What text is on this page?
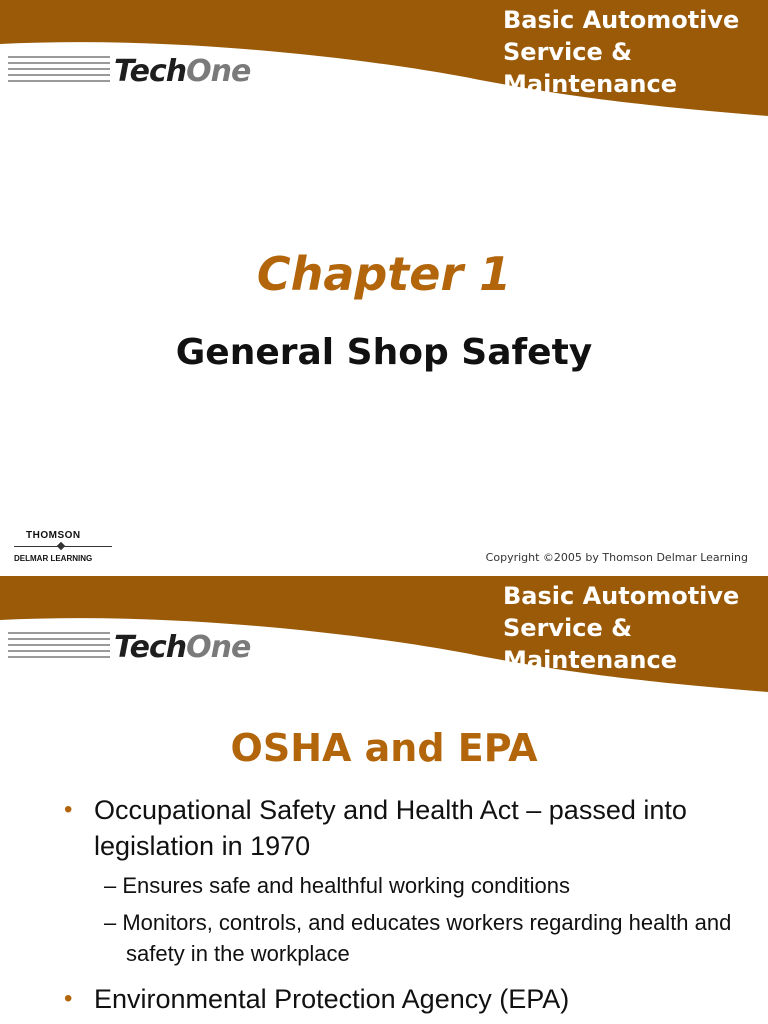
Basic Automotive
Service &
Maintenance
TechOne
Chapter 1
General Shop Safety
THOMSON
DELMAR LEARNING	Copyright ©2005 by Thomson Delmar Learning
Basic Automotive
Service &
Maintenance
TechOne
OSHA and EPA
• Occupational Safety and Health Act – passed into legislation in 1970
– Ensures safe and healthful working conditions
– Monitors, controls, and educates workers regarding health and safety in the workplace
• Environmental Protection Agency (EPA)
